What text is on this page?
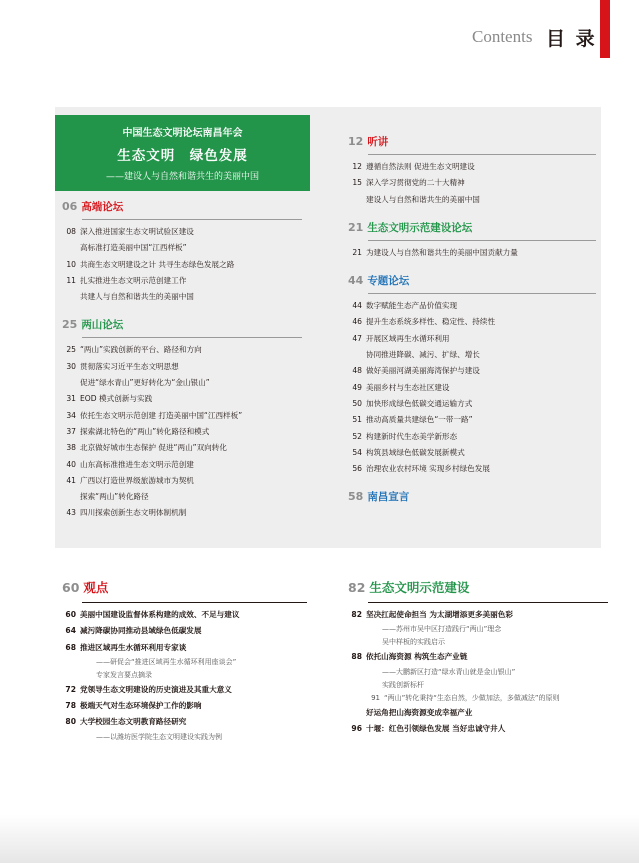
Contents 目 录
中国生态文明论坛南昌年会
生态文明　绿色发展
——建设人与自然和谐共生的美丽中国
06 高端论坛
08 深入推进国家生态文明试验区建设
高标准打造美丽中国“江西样板”
10 共商生态文明建设之计 共寻生态绿色发展之路
11 扎实推进生态文明示范创建工作
共建人与自然和谐共生的美丽中国
25 两山论坛
25 “两山”实践创新的平台、路径和方向
30 贯彻落实习近平生态文明思想
促进“绿水青山”更好转化为“金山银山”
31 EOD 模式创新与实践
34 依托生态文明示范创建 打造美丽中国“江西样板”
37 探索湖北特色的“两山”转化路径和模式
38 北京做好城市生态保护 促进“两山”双向转化
40 山东高标准推进生态文明示范创建
41 广西以打造世界级旅游城市为契机
探索“两山”转化路径
43 四川探索创新生态文明体制机制
12 听讲
12 遵循自然法则 促进生态文明建设
15 深入学习贯彻党的二十大精神
建设人与自然和谐共生的美丽中国
21 生态文明示范建设论坛
21 为建设人与自然和谐共生的美丽中国贡献力量
44 专题论坛
44 数字赋能生态产品价值实现
46 提升生态系统多样性、稳定性、持续性
47 开展区域再生水循环利用
协同推进降碳、减污、扩绿、增长
48 做好美丽河湖美丽海湾保护与建设
49 美丽乡村与生态社区建设
50 加快形成绿色低碳交通运输方式
51 推动高质量共建绿色“一带一路”
52 构建新时代生态美学新形态
54 构筑县域绿色低碳发展新模式
56 治理农业农村环境 实现乡村绿色发展
58 南昌宣言
60 观点
60 美丽中国建设监督体系构建的成效、不足与建议
64 减污降碳协同推动县域绿色低碳发展
68 推进区域再生水循环利用专家谈
——研促会“推进区域再生水循环利用座谈会”
专家发言要点摘录
72 党领导生态文明建设的历史演进及其重大意义
78 极端天气对生态环境保护工作的影响
80 大学校园生态文明教育路径研究
——以潍坊医学院生态文明建设实践为例
82 生态文明示范建设
82 坚决扛起使命担当 为太湖增添更多美丽色彩
——苏州市吴中区打造践行“两山”理念
吴中样板的实践启示
88 依托山海资源 构筑生态产业链
——大鹏新区打造“绿水青山就是金山银山”
实践创新标杆
91 “两山”转化秉持“生态自然，少做加法，多做减法”的原则
好运角把山海资源变成幸福产业
96 十堰：红色引领绿色发展 当好忠诚守井人
